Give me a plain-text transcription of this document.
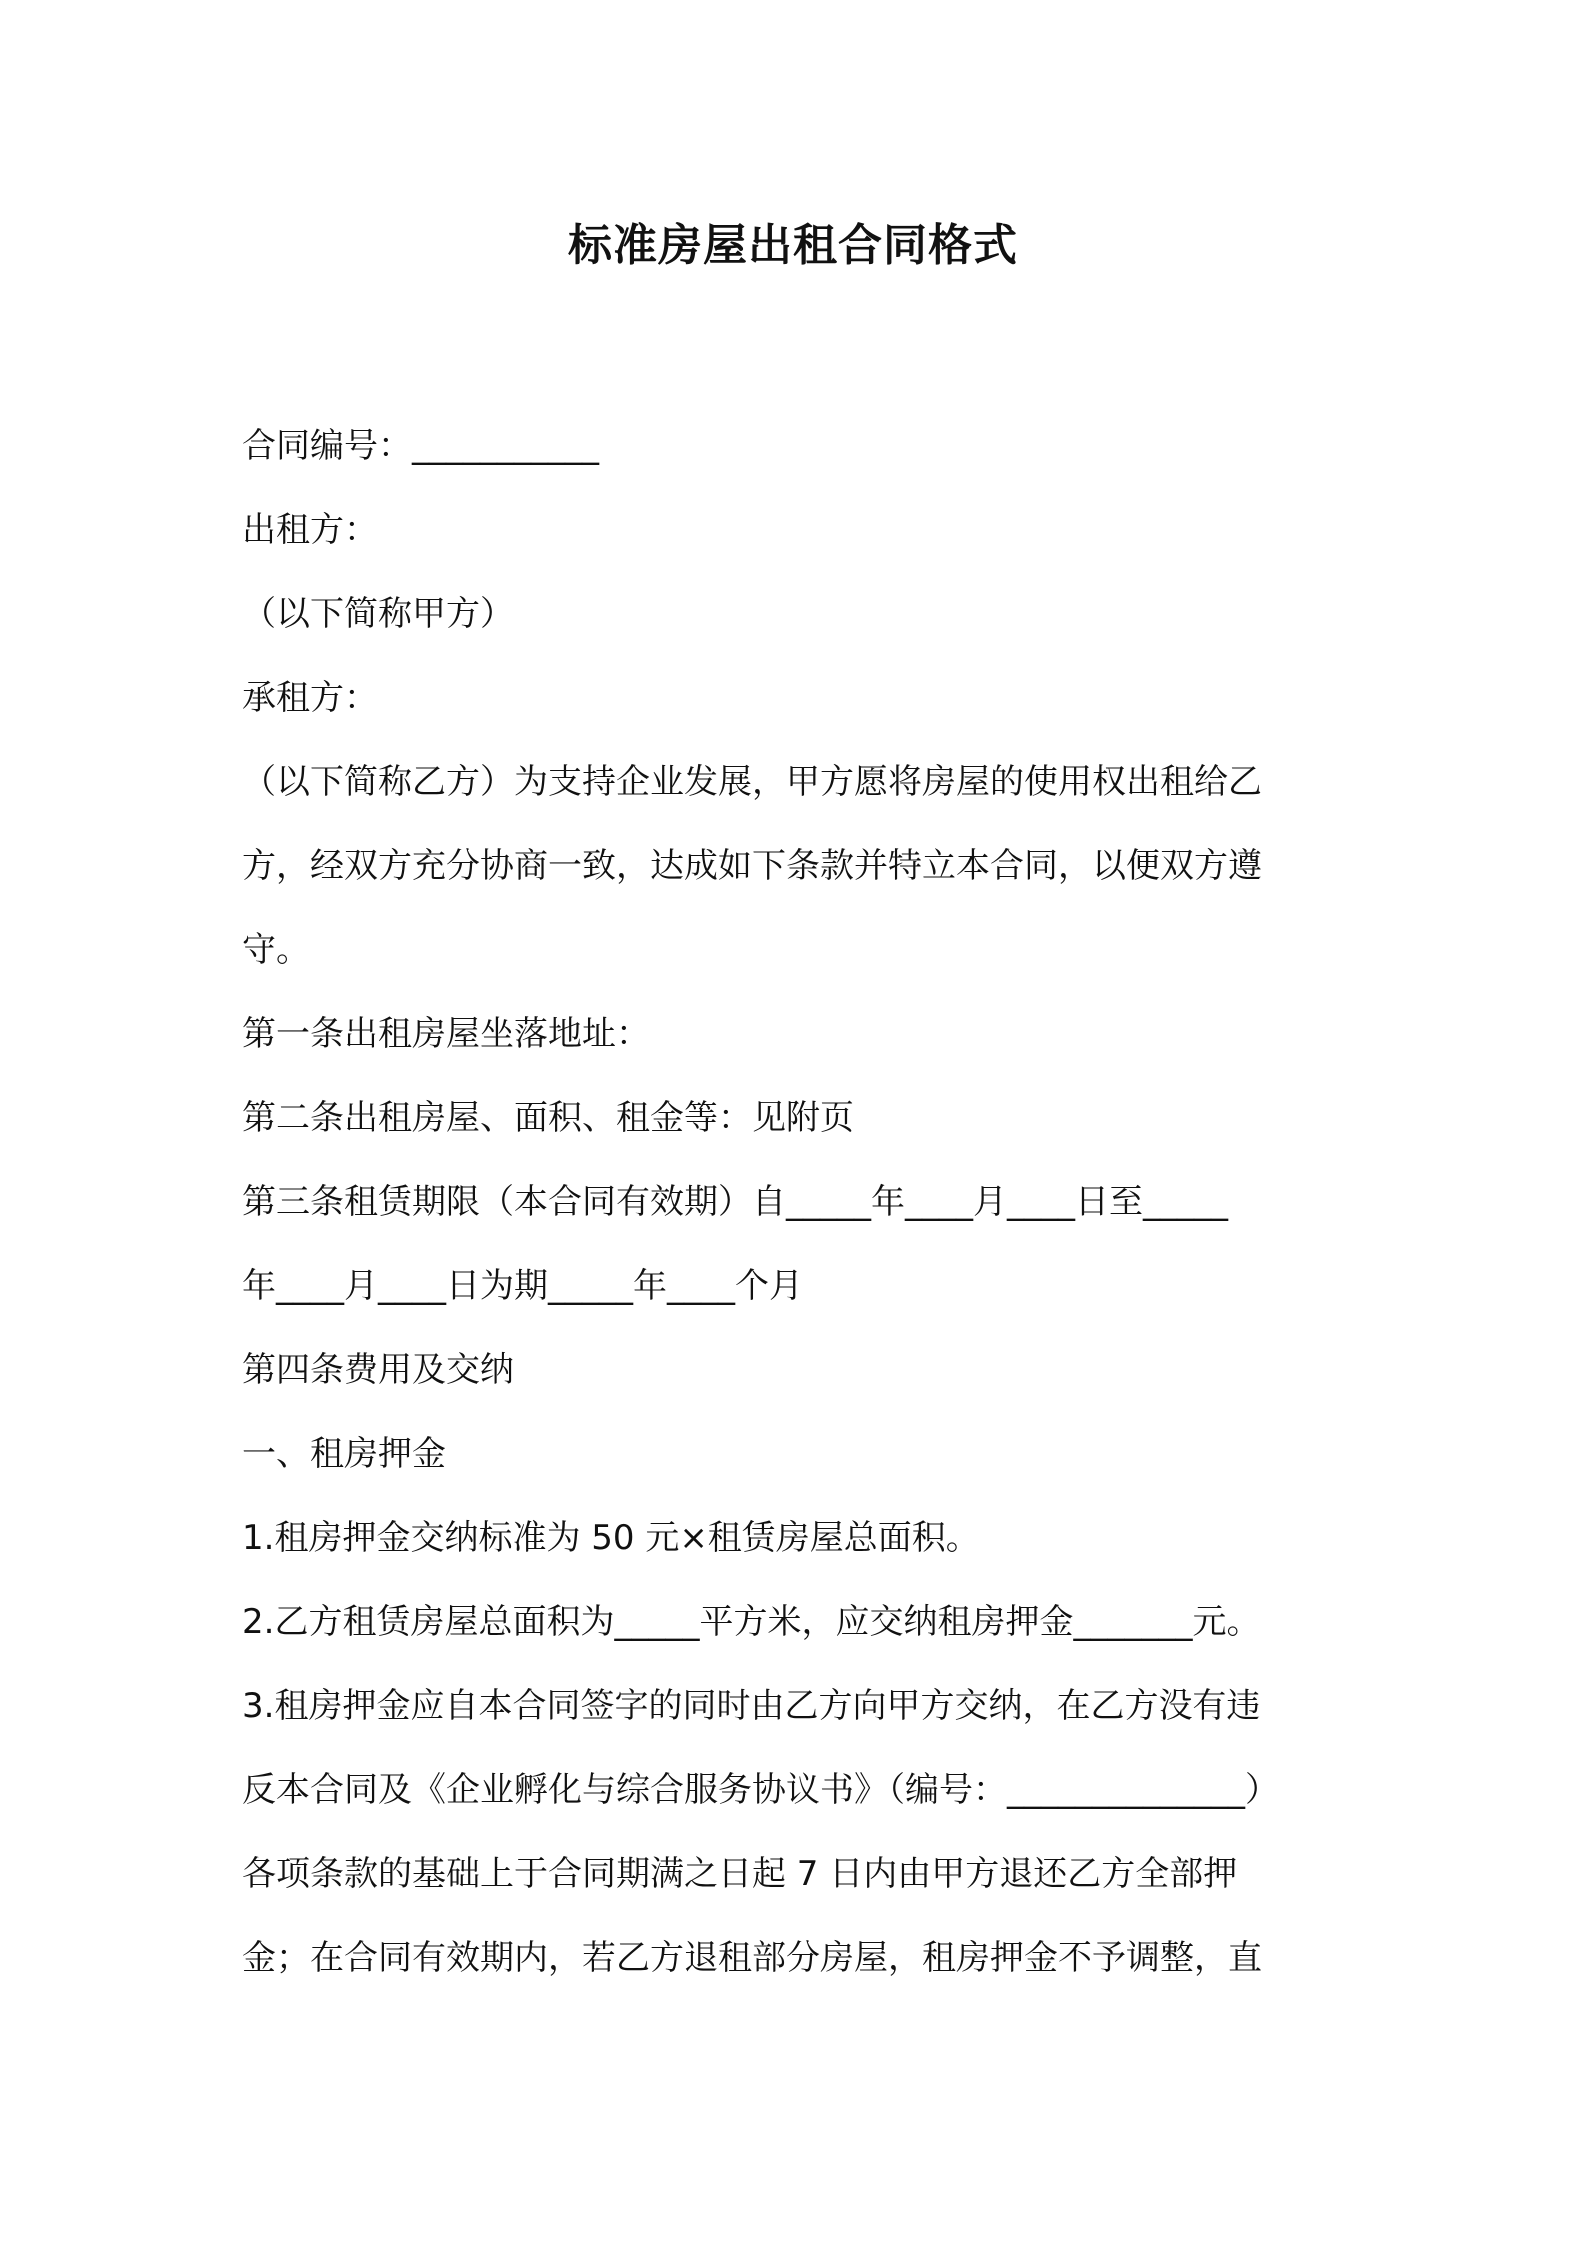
标准房屋出租合同格式
合同编号：___________
出租方：
（以下简称甲方）
承租方：
（以下简称乙方）为支持企业发展，甲方愿将房屋的使用权出租给乙
方，经双方充分协商一致，达成如下条款并特立本合同，以便双方遵
守。
第一条出租房屋坐落地址：
第二条出租房屋、面积、租金等：见附页
第三条租赁期限（本合同有效期）自_____年____月____日至_____
年____月____日为期_____年____个月
第四条费用及交纳
一、租房押金
1.租房押金交纳标准为 50 元×租赁房屋总面积。
2.乙方租赁房屋总面积为_____平方米，应交纳租房押金_______元。
3.租房押金应自本合同签字的同时由乙方向甲方交纳，在乙方没有违
反本合同及《企业孵化与综合服务协议书》（编号：______________）
各项条款的基础上于合同期满之日起 7 日内由甲方退还乙方全部押
金；在合同有效期内，若乙方退租部分房屋，租房押金不予调整，直
